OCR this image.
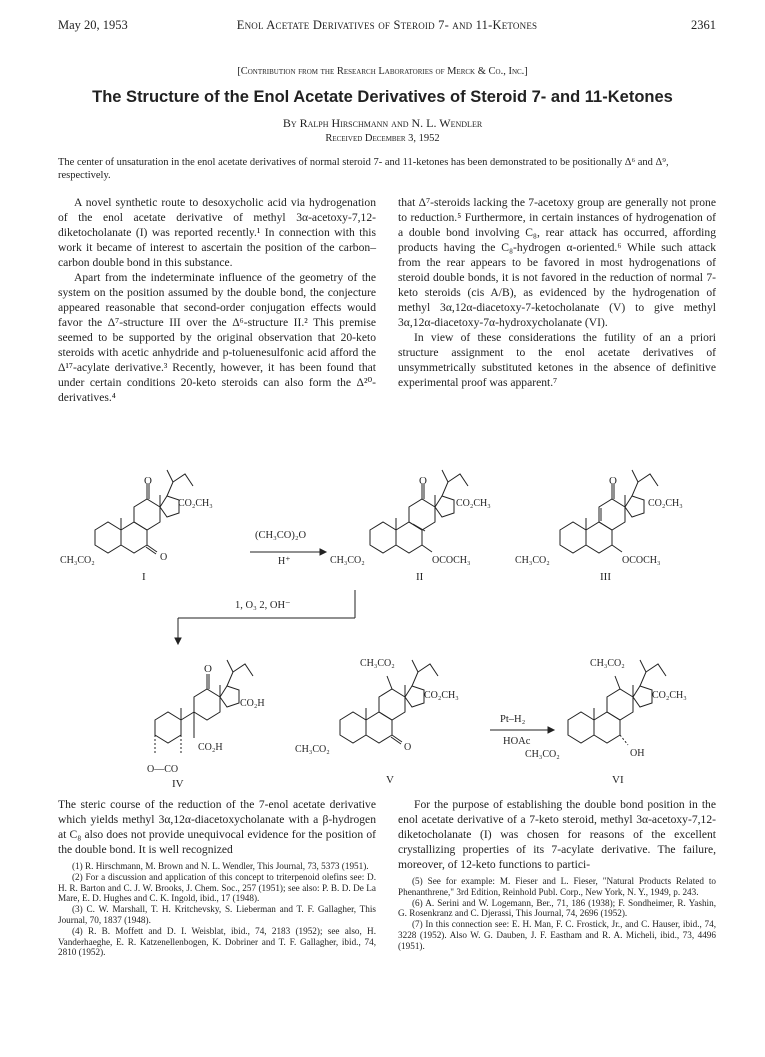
May 20, 1953	Enol Acetate Derivatives of Steroid 7- and 11-Ketones	2361
[Contribution from the Research Laboratories of Merck & Co., Inc.]
The Structure of the Enol Acetate Derivatives of Steroid 7- and 11-Ketones
By Ralph Hirschmann and N. L. Wendler
Received December 3, 1952
The center of unsaturation in the enol acetate derivatives of normal steroid 7- and 11-ketones has been demonstrated to be positionally Δ⁶ and Δ⁹, respectively.

A novel synthetic route to desoxycholic acid via hydrogenation of the enol acetate derivative of methyl 3α-acetoxy-7,12-diketocholanate (I) was reported recently.¹ In connection with this work it became of interest to ascertain the position of the carbon–carbon double bond in this substance.

Apart from the indeterminate influence of the geometry of the system on the position assumed by the double bond, the conjecture appeared reasonable that second-order conjugation effects would favor the Δ⁷-structure III over the Δ⁶-structure II.² This premise seemed to be supported by the original observation that 20-keto steroids with acetic anhydride and p-toluenesulfonic acid afford the Δ¹⁷-acylate derivative.³ Recently, however, it has been found that under certain conditions 20-keto steroids can also form the Δ²⁰-derivatives.⁴

that Δ⁷-steroids lacking the 7-acetoxy group are generally not prone to reduction.⁵ Furthermore, in certain instances of hydrogenation of a double bond involving C₈, rear attack has occurred, affording products having the C₈-hydrogen α-oriented.⁶ While such attack from the rear appears to be favored in most hydrogenations of steroid double bonds, it is not favored in the reduction of normal 7-keto steroids (cis A/B), as evidenced by the hydrogenation of methyl 3α,12α-diacetoxy-7-ketocholanate (V) to give methyl 3α,12α-diacetoxy-7α-hydroxycholanate (VI).

In view of these considerations the futility of an a priori structure assignment to the enol acetate derivatives of unsymmetrically substituted ketones in the absence of definitive experimental proof was apparent.⁷

O
CO₂CH₃
CH₃CO₂	O
I
(CH₃CO)₂O
H⁺
O
CO₂CH₃
CH₃CO₂	OCOCH₃
II
O
CO₂CH₃
CH₃CO₂	OCOCH₃
III
1, O₃ 2, OH⁻
O
CO₂H
CO₂H
O—CO
IV
CH₃CO₂
CO₂CH₃
CH₃CO₂	O
V
Pt–H₂
HOAc
CH₃CO₂
CO₂CH₃
CH₃CO₂	OH
VI

The steric course of the reduction of the 7-enol acetate derivative which yields methyl 3α,12α-diacetoxycholanate with a β-hydrogen at C₈ also does not provide unequivocal evidence for the position of the double bond. It is well recognized

(1) R. Hirschmann, M. Brown and N. L. Wendler, This Journal, 73, 5373 (1951).

(2) For a discussion and application of this concept to triterpenoid olefins see: D. H. R. Barton and C. J. W. Brooks, J. Chem. Soc., 257 (1951); see also: P. B. D. De La Mare, E. D. Hughes and C. K. Ingold, ibid., 17 (1948).

(3) C. W. Marshall, T. H. Kritchevsky, S. Lieberman and T. F. Gallagher, This Journal, 70, 1837 (1948).

(4) R. B. Moffett and D. I. Weisblat, ibid., 74, 2183 (1952); see also, H. Vanderhaeghe, E. R. Katzenellenbogen, K. Dobriner and T. F. Gallagher, ibid., 74, 2810 (1952).

For the purpose of establishing the double bond position in the enol acetate derivative of a 7-keto steroid, methyl 3α-acetoxy-7,12-diketocholanate (I) was chosen for reasons of the excellent crystallizing properties of its 7-acylate derivative. The failure, moreover, of 12-keto functions to partici-

(5) See for example: M. Fieser and L. Fieser, "Natural Products Related to Phenanthrene," 3rd Edition, Reinhold Publ. Corp., New York, N. Y., 1949, p. 243.

(6) A. Serini and W. Logemann, Ber., 71, 186 (1938); F. Sondheimer, R. Yashin, G. Rosenkranz and C. Djerassi, This Journal, 74, 2696 (1952).

(7) In this connection see: E. H. Man, F. C. Frostick, Jr., and C. Hauser, ibid., 74, 3228 (1952). Also W. G. Dauben, J. F. Eastham and R. A. Micheli, ibid., 73, 4496 (1951).
